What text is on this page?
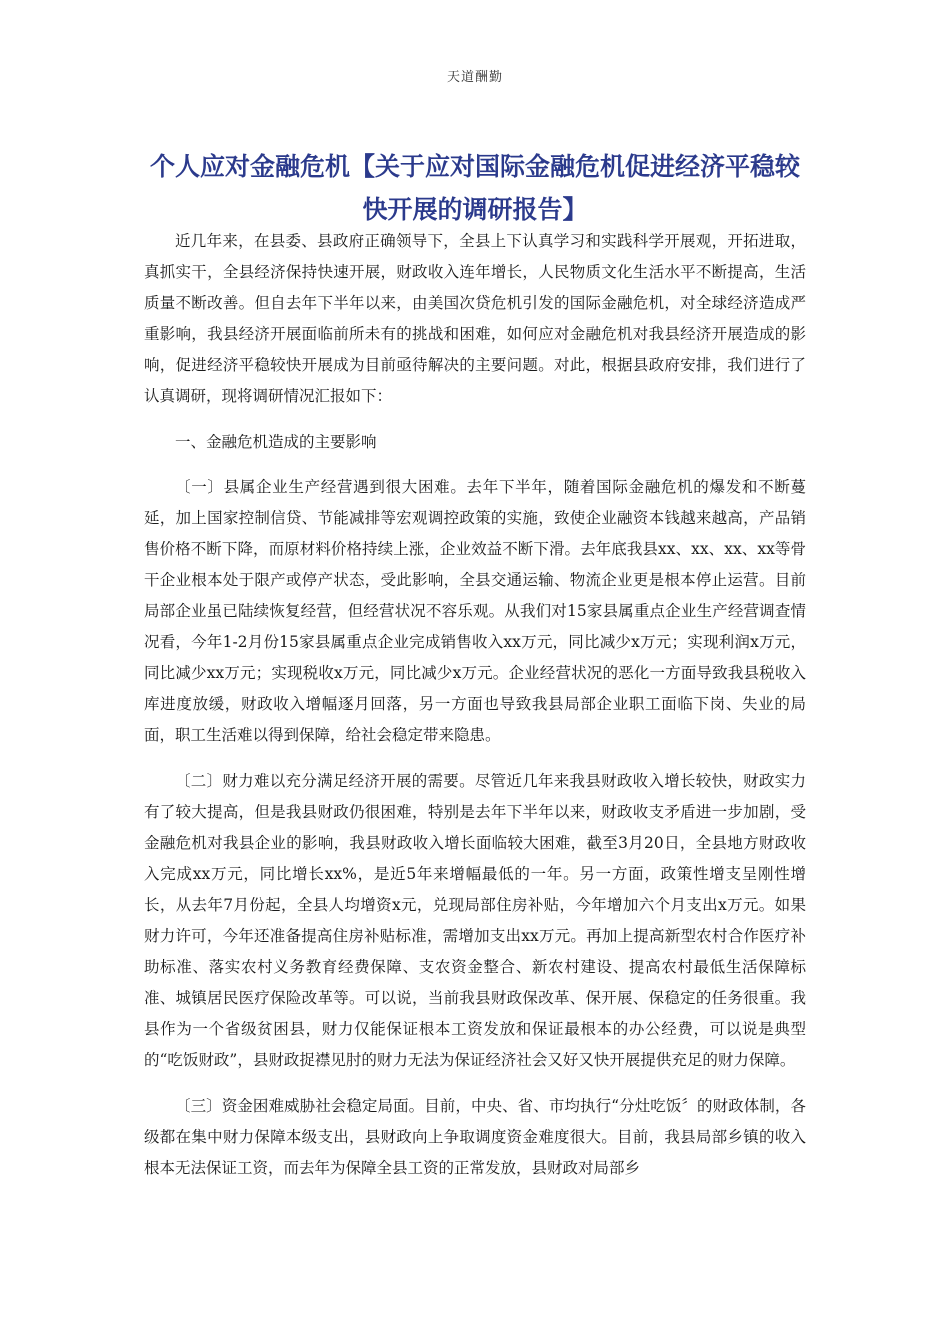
天道酬勤
个人应对金融危机【关于应对国际金融危机促进经济平稳较快开展的调研报告】

近几年来，在县委、县政府正确领导下，全县上下认真学习和实践科学开展观，开拓进取，真抓实干，全县经济保持快速开展，财政收入连年增长，人民物质文化生活水平不断提高，生活质量不断改善。但自去年下半年以来，由美国次贷危机引发的国际金融危机，对全球经济造成严重影响，我县经济开展面临前所未有的挑战和困难，如何应对金融危机对我县经济开展造成的影响，促进经济平稳较快开展成为目前亟待解决的主要问题。对此，根据县政府安排，我们进行了认真调研，现将调研情况汇报如下：

一、金融危机造成的主要影响

〔一〕县属企业生产经营遇到很大困难。去年下半年，随着国际金融危机的爆发和不断蔓延，加上国家控制信贷、节能减排等宏观调控政策的实施，致使企业融资本钱越来越高，产品销售价格不断下降，而原材料价格持续上涨，企业效益不断下滑。去年底我县xx、xx、xx、xx等骨干企业根本处于限产或停产状态，受此影响，全县交通运输、物流企业更是根本停止运营。目前局部企业虽已陆续恢复经营，但经营状况不容乐观。从我们对15家县属重点企业生产经营调查情况看，今年1-2月份15家县属重点企业完成销售收入xx万元，同比减少x万元；实现利润x万元，同比减少xx万元；实现税收x万元，同比减少x万元。企业经营状况的恶化一方面导致我县税收入库进度放缓，财政收入增幅逐月回落，另一方面也导致我县局部企业职工面临下岗、失业的局面，职工生活难以得到保障，给社会稳定带来隐患。

〔二〕财力难以充分满足经济开展的需要。尽管近几年来我县财政收入增长较快，财政实力有了较大提高，但是我县财政仍很困难，特别是去年下半年以来，财政收支矛盾进一步加剧，受金融危机对我县企业的影响，我县财政收入增长面临较大困难，截至3月20日，全县地方财政收入完成xx万元，同比增长xx%，是近5年来增幅最低的一年。另一方面，政策性增支呈刚性增长，从去年7月份起，全县人均增资x元，兑现局部住房补贴，今年增加六个月支出x万元。如果财力许可，今年还准备提高住房补贴标准，需增加支出xx万元。再加上提高新型农村合作医疗补助标准、落实农村义务教育经费保障、支农资金整合、新农村建设、提高农村最低生活保障标准、城镇居民医疗保险改革等。可以说，当前我县财政保改革、保开展、保稳定的任务很重。我县作为一个省级贫困县，财力仅能保证根本工资发放和保证最根本的办公经费，可以说是典型的“吃饭财政”，县财政捉襟见肘的财力无法为保证经济社会又好又快开展提供充足的财力保障。

〔三〕资金困难威胁社会稳定局面。目前，中央、省、市均执行“分灶吃饭〞的财政体制，各级都在集中财力保障本级支出，县财政向上争取调度资金难度很大。目前，我县局部乡镇的收入根本无法保证工资，而去年为保障全县工资的正常发放，县财政对局部乡
